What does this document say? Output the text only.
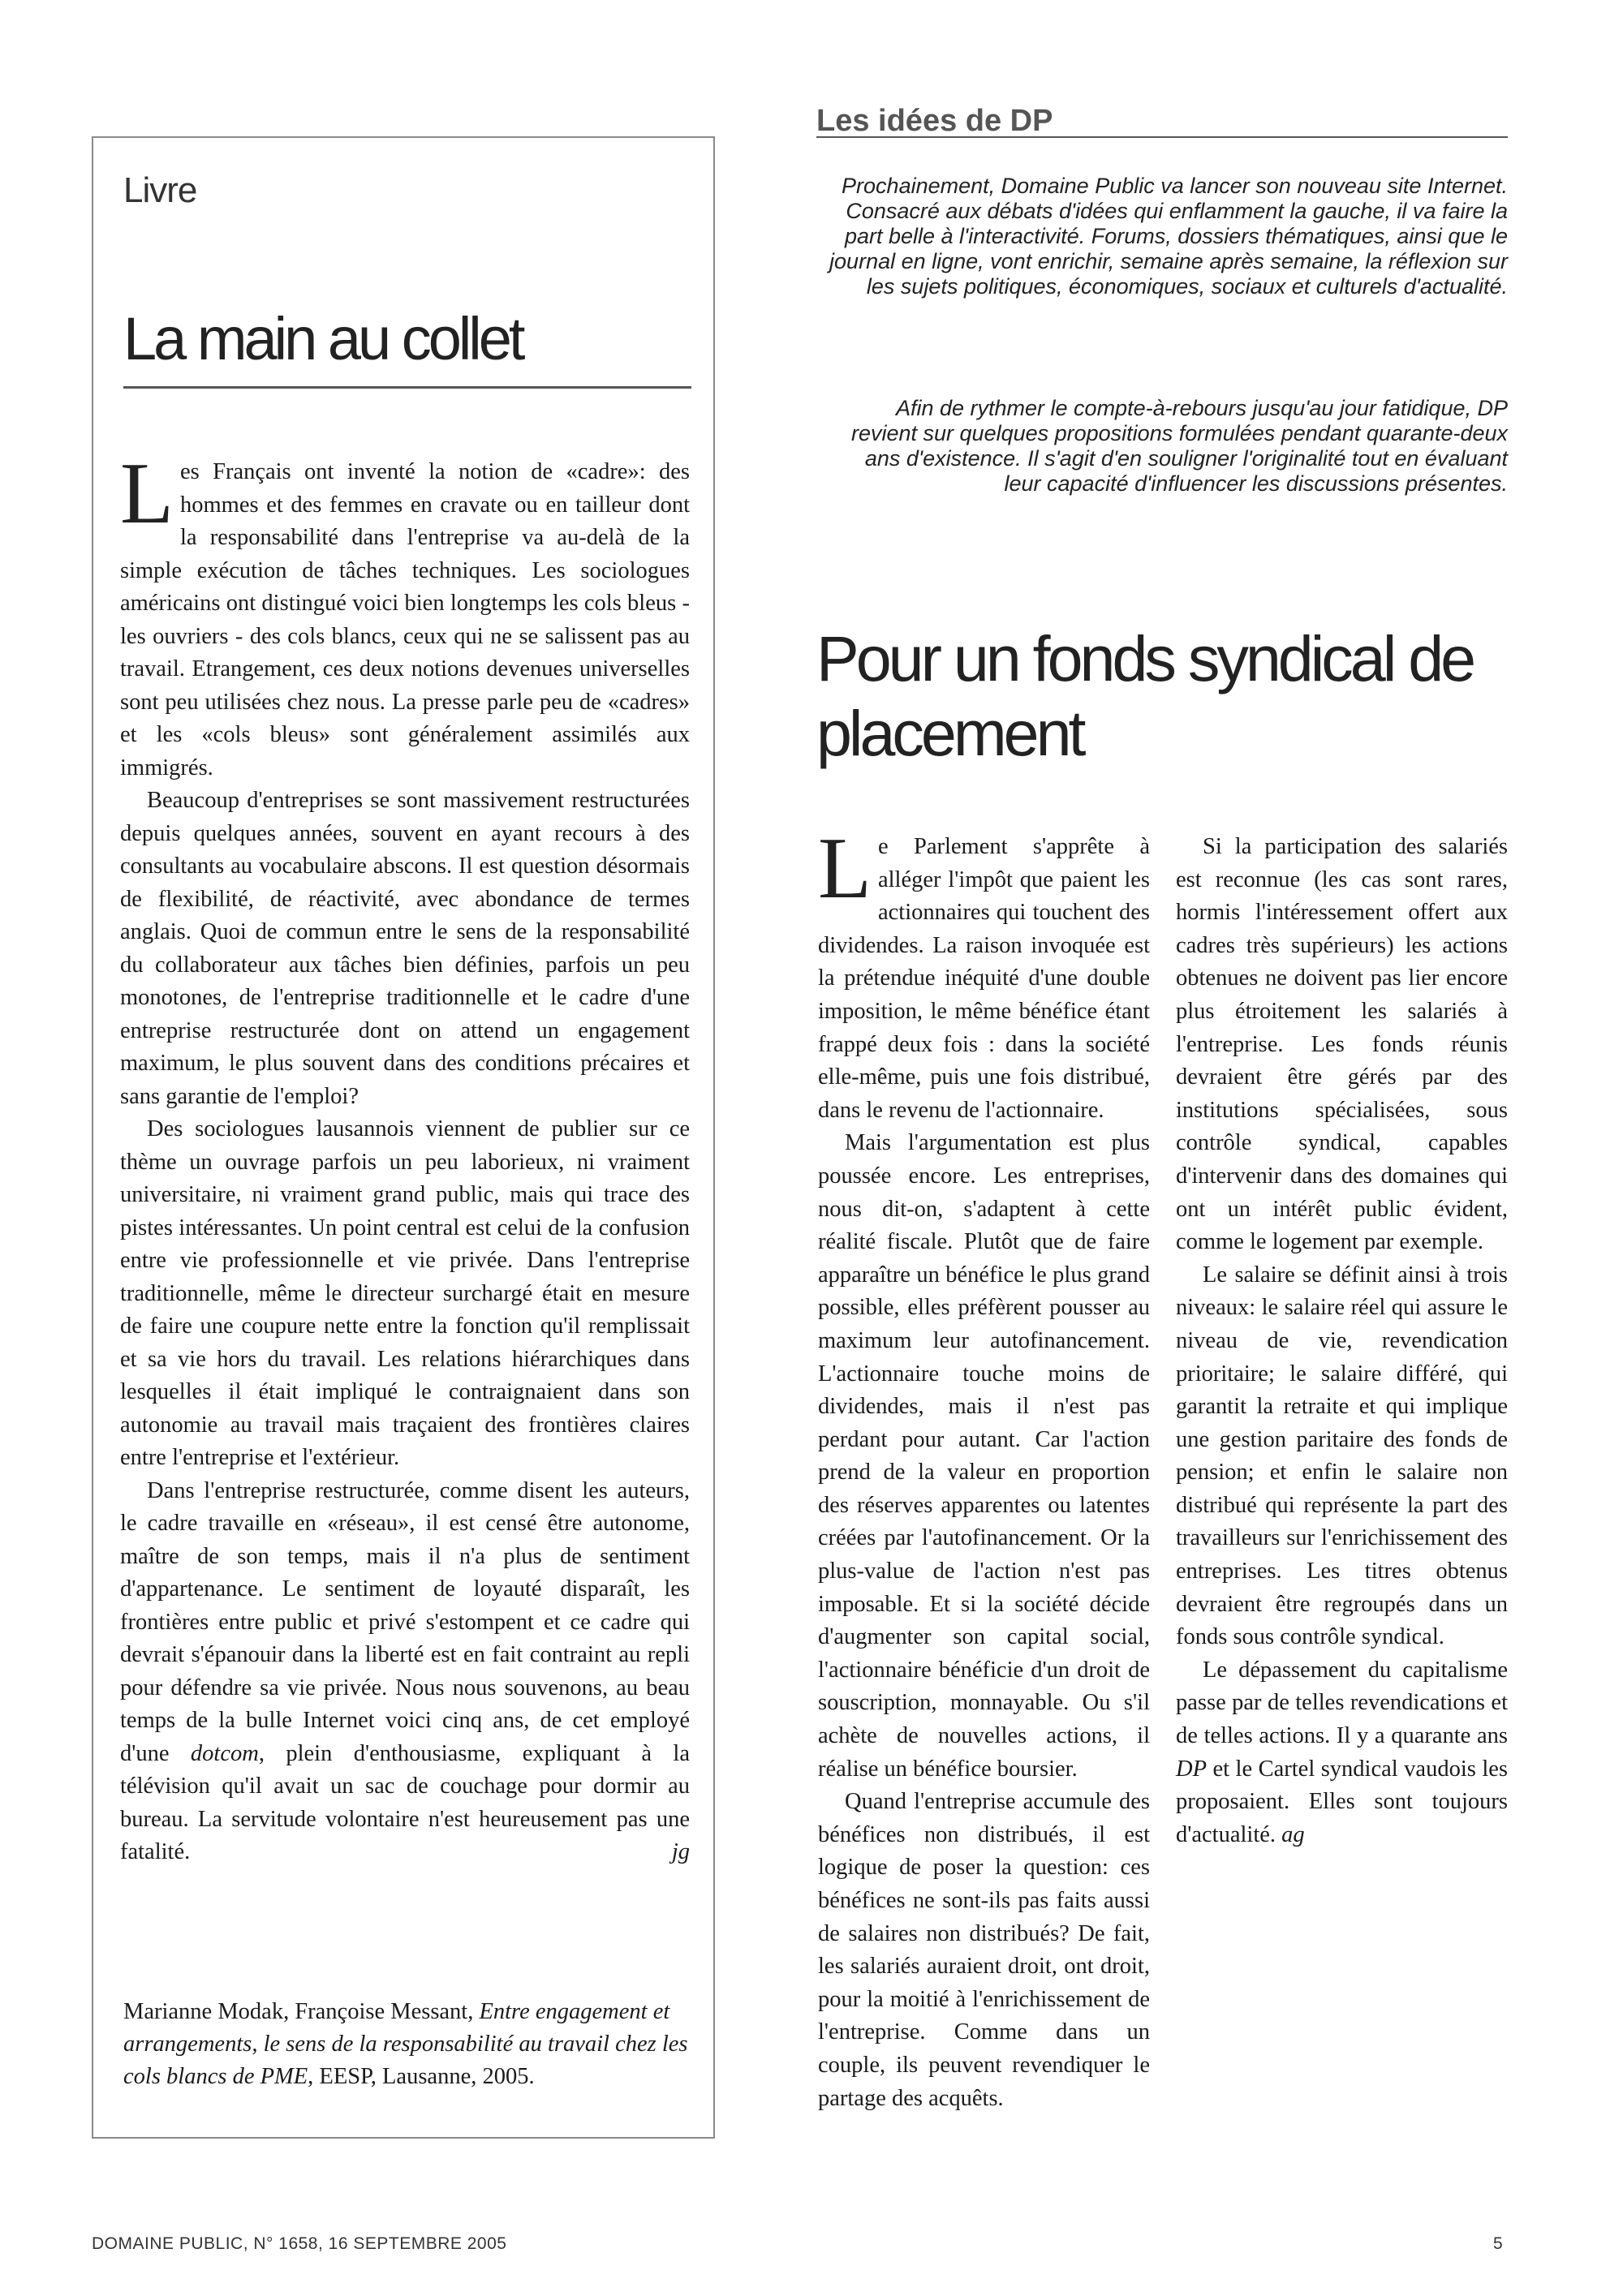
Livre
La main au collet

Les Français ont inventé la notion de «cadre»: des hommes et des femmes en cravate ou en tailleur dont la responsabilité dans l'entreprise va au-delà de la simple exécution de tâches techniques. Les sociologues américains ont distingué voici bien longtemps les cols bleus -les ouvriers - des cols blancs, ceux qui ne se salissent pas au travail. Etrangement, ces deux notions devenues universelles sont peu utilisées chez nous. La presse parle peu de «cadres» et les «cols bleus» sont généralement assimilés aux immigrés.

Beaucoup d'entreprises se sont massivement restructurées depuis quelques années, souvent en ayant recours à des consultants au vocabulaire abscons. Il est question désormais de flexibilité, de réactivité, avec abondance de termes anglais. Quoi de commun entre le sens de la responsabilité du collaborateur aux tâches bien définies, parfois un peu monotones, de l'entreprise traditionnelle et le cadre d'une entreprise restructurée dont on attend un engagement maximum, le plus souvent dans des conditions précaires et sans garantie de l'emploi?

Des sociologues lausannois viennent de publier sur ce thème un ouvrage parfois un peu laborieux, ni vraiment universitaire, ni vraiment grand public, mais qui trace des pistes intéressantes. Un point central est celui de la confusion entre vie professionnelle et vie privée. Dans l'entreprise traditionnelle, même le directeur surchargé était en mesure de faire une coupure nette entre la fonction qu'il remplissait et sa vie hors du travail. Les relations hiérarchiques dans lesquelles il était impliqué le contraignaient dans son autonomie au travail mais traçaient des frontières claires entre l'entreprise et l'extérieur.

Dans l'entreprise restructurée, comme disent les auteurs, le cadre travaille en «réseau», il est censé être autonome, maître de son temps, mais il n'a plus de sentiment d'appartenance. Le sentiment de loyauté disparaît, les frontières entre public et privé s'estompent et ce cadre qui devrait s'épanouir dans la liberté est en fait contraint au repli pour défendre sa vie privée. Nous nous souvenons, au beau temps de la bulle Internet voici cinq ans, de cet employé d'une dotcom, plein d'enthousiasme, expliquant à la télévision qu'il avait un sac de couchage pour dormir au bureau. La servitude volontaire n'est heureusement pas une fatalité.	jg

Marianne Modak, Françoise Messant, Entre engagement et arrangements, le sens de la responsabilité au travail chez les cols blancs de PME, EESP, Lausanne, 2005.
Les idées de DP
Prochainement, Domaine Public va lancer son nouveau site Internet. Consacré aux débats d'idées qui enflamment la gauche, il va faire la part belle à l'interactivité. Forums, dossiers thématiques, ainsi que le journal en ligne, vont enrichir, semaine après semaine, la réflexion sur les sujets politiques, économiques, sociaux et culturels d'actualité.
Afin de rythmer le compte-à-rebours jusqu'au jour fatidique, DP revient sur quelques propositions formulées pendant quarante-deux ans d'existence. Il s'agit d'en souligner l'originalité tout en évaluant leur capacité d'influencer les discussions présentes.
Pour un fonds syndical de placement

Le Parlement s'apprête à alléger l'impôt que paient les actionnaires qui touchent des dividendes. La raison invoquée est la prétendue inéquité d'une double imposition, le même bénéfice étant frappé deux fois : dans la société elle-même, puis une fois distribué, dans le revenu de l'actionnaire.

Mais l'argumentation est plus poussée encore. Les entreprises, nous dit-on, s'adaptent à cette réalité fiscale. Plutôt que de faire apparaître un bénéfice le plus grand possible, elles préfèrent pousser au maximum leur autofinancement. L'actionnaire touche moins de dividendes, mais il n'est pas perdant pour autant. Car l'action prend de la valeur en proportion des réserves apparentes ou latentes créées par l'autofinancement. Or la plus-value de l'action n'est pas imposable. Et si la société décide d'augmenter son capital social, l'actionnaire bénéficie d'un droit de souscription, monnayable. Ou s'il achète de nouvelles actions, il réalise un bénéfice boursier.

Quand l'entreprise accumule des bénéfices non distribués, il est logique de poser la question: ces bénéfices ne sont-ils pas faits aussi de salaires non distribués? De fait, les salariés auraient droit, ont droit, pour la moitié à l'enrichissement de l'entreprise. Comme dans un couple, ils peuvent revendiquer le partage des acquêts.

Si la participation des salariés est reconnue (les cas sont rares, hormis l'intéressement offert aux cadres très supérieurs) les actions obtenues ne doivent pas lier encore plus étroitement les salariés à l'entreprise. Les fonds réunis devraient être gérés par des institutions spécialisées, sous contrôle syndical, capables d'intervenir dans des domaines qui ont un intérêt public évident, comme le logement par exemple.

Le salaire se définit ainsi à trois niveaux: le salaire réel qui assure le niveau de vie, revendication prioritaire; le salaire différé, qui garantit la retraite et qui implique une gestion paritaire des fonds de pension; et enfin le salaire non distribué qui représente la part des travailleurs sur l'enrichissement des entreprises. Les titres obtenus devraient être regroupés dans un fonds sous contrôle syndical.

Le dépassement du capitalisme passe par de telles revendications et de telles actions. Il y a quarante ans DP et le Cartel syndical vaudois les proposaient. Elles sont toujours d'actualité. ag

DOMAINE PUBLIC, N° 1658, 16 SEPTEMBRE 2005	5
